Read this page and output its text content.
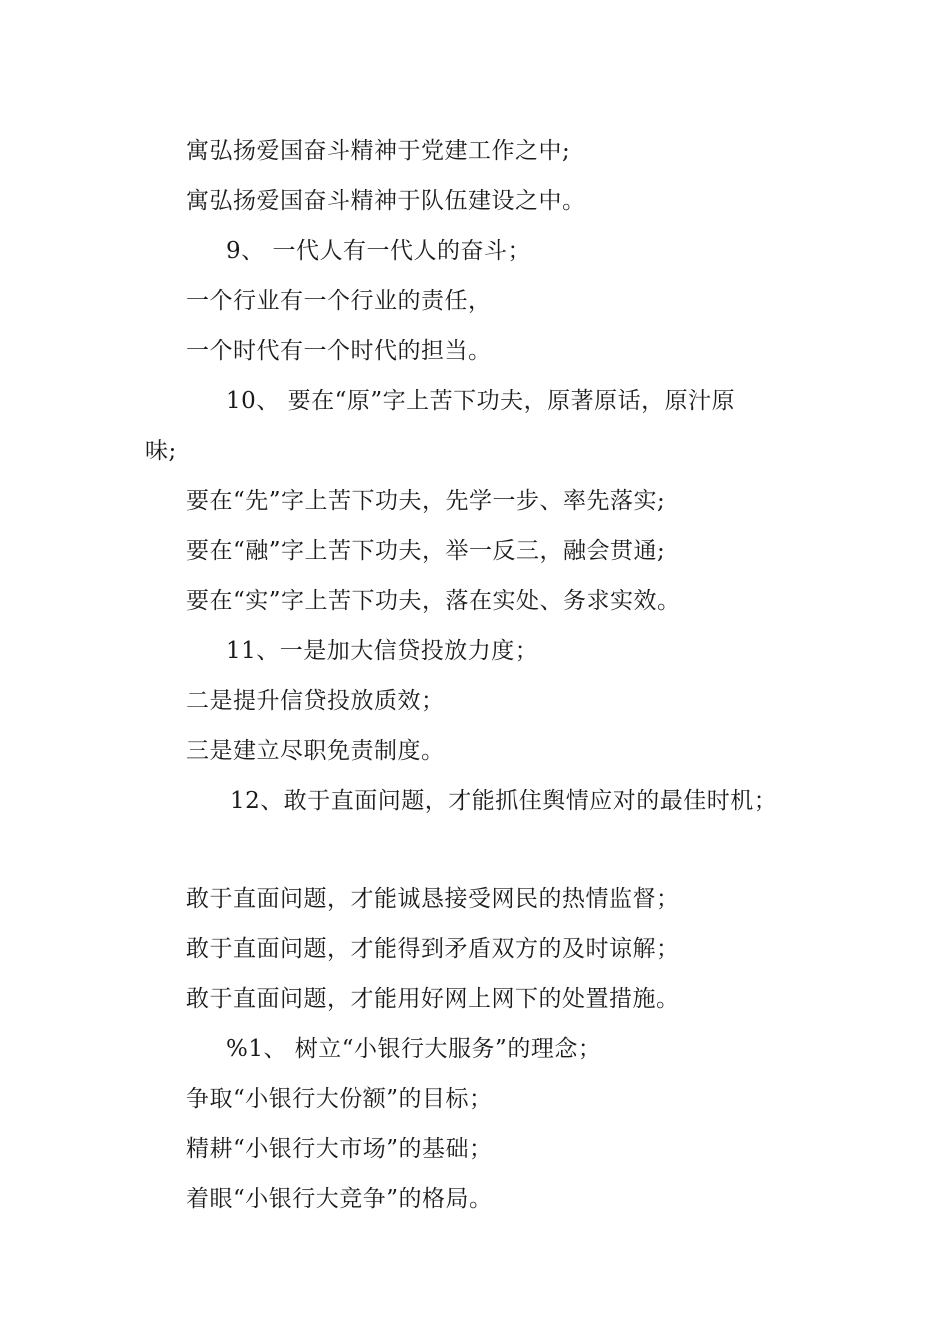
寓弘扬爱国奋斗精神于党建工作之中;
寓弘扬爱国奋斗精神于队伍建设之中。
9、 一代人有一代人的奋斗；
一个行业有一个行业的责任，
一个时代有一个时代的担当。
10、 要在“原”字上苦下功夫，原著原话，原汁原
味;
要在“先”字上苦下功夫，先学一步、率先落实;
要在“融”字上苦下功夫，举一反三，融会贯通;
要在“实”字上苦下功夫，落在实处、务求实效。
11、一是加大信贷投放力度；
二是提升信贷投放质效；
三是建立尽职免责制度。
12、敢于直面问题，才能抓住舆情应对的最佳时机；
敢于直面问题，才能诚恳接受网民的热情监督；
敢于直面问题，才能得到矛盾双方的及时谅解；
敢于直面问题，才能用好网上网下的处置措施。
%1、 树立“小银行大服务”的理念；
争取“小银行大份额”的目标；
精耕“小银行大市场”的基础；
着眼“小银行大竞争”的格局。
